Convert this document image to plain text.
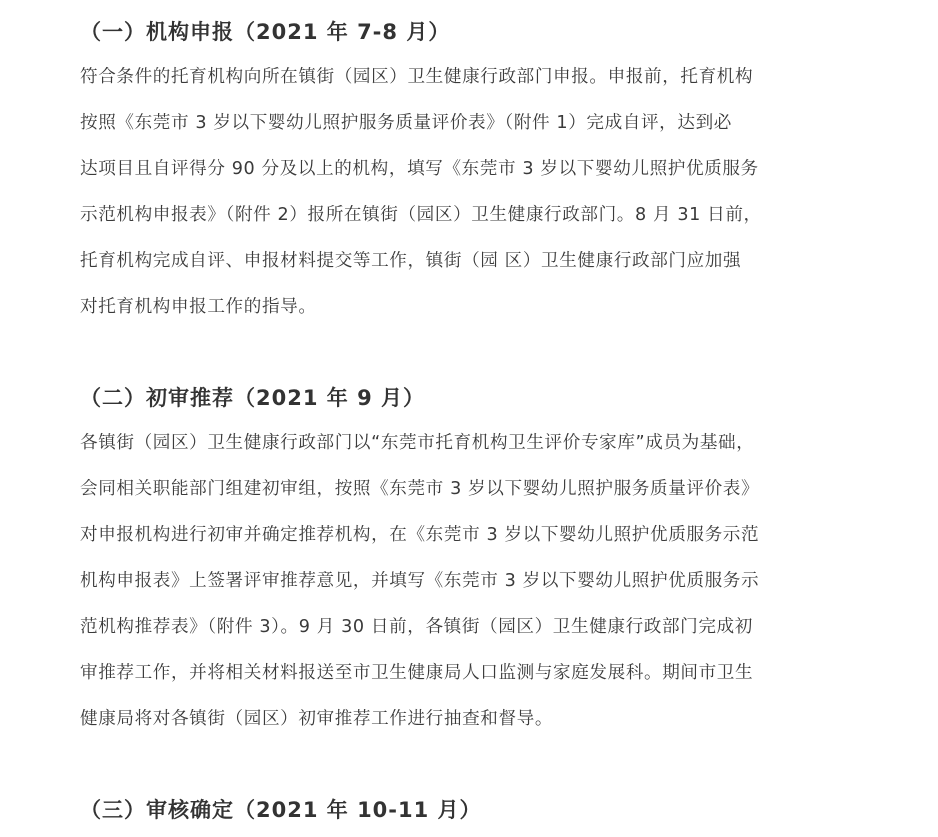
（一）机构申报（2021 年 7-8 月）
符合条件的托育机构向所在镇街（园区）卫生健康行政部门申报。申报前，托育机构
按照《东莞市 3 岁以下婴幼儿照护服务质量评价表》（附件 1）完成自评，达到必
达项目且自评得分 90 分及以上的机构，填写《东莞市 3 岁以下婴幼儿照护优质服务
示范机构申报表》（附件 2）报所在镇街（园区）卫生健康行政部门。8 月 31 日前，
托育机构完成自评、申报材料提交等工作，镇街（园 区）卫生健康行政部门应加强
对托育机构申报工作的指导。
（二）初审推荐（2021 年 9 月）
各镇街（园区）卫生健康行政部门以“东莞市托育机构卫生评价专家库”成员为基础，
会同相关职能部门组建初审组，按照《东莞市 3 岁以下婴幼儿照护服务质量评价表》
对申报机构进行初审并确定推荐机构，在《东莞市 3 岁以下婴幼儿照护优质服务示范
机构申报表》上签署评审推荐意见，并填写《东莞市 3 岁以下婴幼儿照护优质服务示
范机构推荐表》（附件 3）。9 月 30 日前，各镇街（园区）卫生健康行政部门完成初
审推荐工作，并将相关材料报送至市卫生健康局人口监测与家庭发展科。期间市卫生
健康局将对各镇街（园区）初审推荐工作进行抽查和督导。
（三）审核确定（2021 年 10-11 月）
